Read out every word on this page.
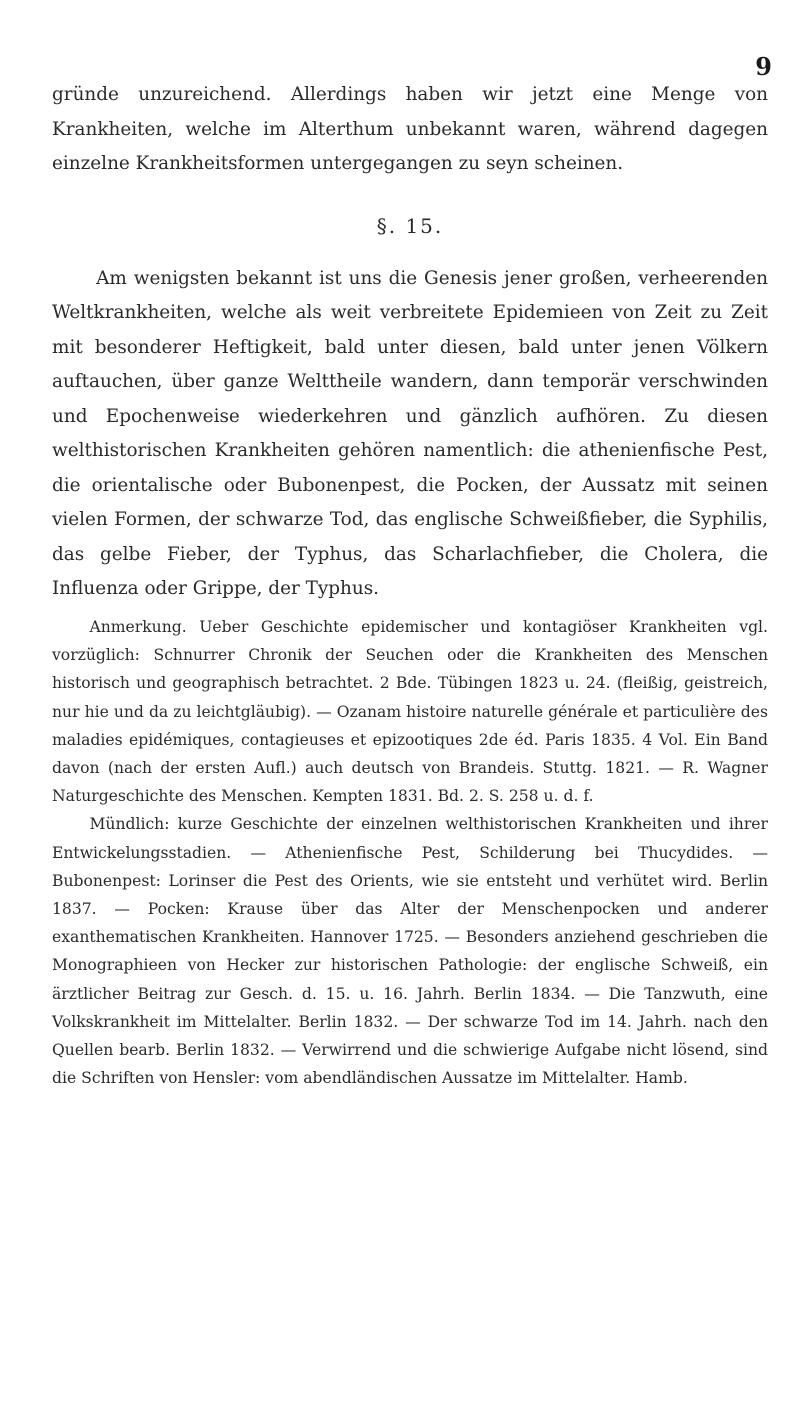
9

gründe unzureichend. Allerdings haben wir jetzt eine Menge von Krankheiten, welche im Alterthum unbekannt waren, während dagegen einzelne Krankheitsformen untergegangen zu seyn scheinen.

§. 15.

Am wenigsten bekannt ist uns die Genesis jener großen, verheerenden Weltkrankheiten, welche als weit verbreitete Epidemieen von Zeit zu Zeit mit besonderer Heftigkeit, bald unter diesen, bald unter jenen Völkern auftauchen, über ganze Welttheile wandern, dann temporär verschwinden und Epochenweise wiederkehren und gänzlich aufhören. Zu diesen welthistorischen Krankheiten gehören namentlich: die athenienfische Pest, die orientalische oder Bubonenpest, die Pocken, der Aussatz mit seinen vielen Formen, der schwarze Tod, das englische Schweißfieber, die Syphilis, das gelbe Fieber, der Typhus, das Scharlachfieber, die Cholera, die Influenza oder Grippe, der Typhus.

Anmerkung. Ueber Geschichte epidemischer und kontagiöser Krankheiten vgl. vorzüglich: Schnurrer Chronik der Seuchen oder die Krankheiten des Menschen historisch und geographisch betrachtet. 2 Bde. Tübingen 1823 u. 24. (fleißig, geistreich, nur hie und da zu leichtgläubig). — Ozanam histoire naturelle générale et particulière des maladies epidémiques, contagieuses et epizootiques 2de éd. Paris 1835. 4 Vol. Ein Band davon (nach der ersten Aufl.) auch deutsch von Brandeis. Stuttg. 1821. — R. Wagner Naturgeschichte des Menschen. Kempten 1831. Bd. 2. S. 258 u. d. f.

Mündlich: kurze Geschichte der einzelnen welthistorischen Krankheiten und ihrer Entwickelungsstadien. — Athenienfische Pest, Schilderung bei Thucydides. — Bubonenpest: Lorinser die Pest des Orients, wie sie entsteht und verhütet wird. Berlin 1837. — Pocken: Krause über das Alter der Menschenpocken und anderer exanthematischen Krankheiten. Hannover 1725. — Besonders anziehend geschrieben die Monographieen von Hecker zur historischen Pathologie: der englische Schweiß, ein ärztlicher Beitrag zur Gesch. d. 15. u. 16. Jahrh. Berlin 1834. — Die Tanzwuth, eine Volkskrankheit im Mittelalter. Berlin 1832. — Der schwarze Tod im 14. Jahrh. nach den Quellen bearb. Berlin 1832. — Verwirrend und die schwierige Aufgabe nicht lösend, sind die Schriften von Hensler: vom abendländischen Aussatze im Mittelalter. Hamb.
